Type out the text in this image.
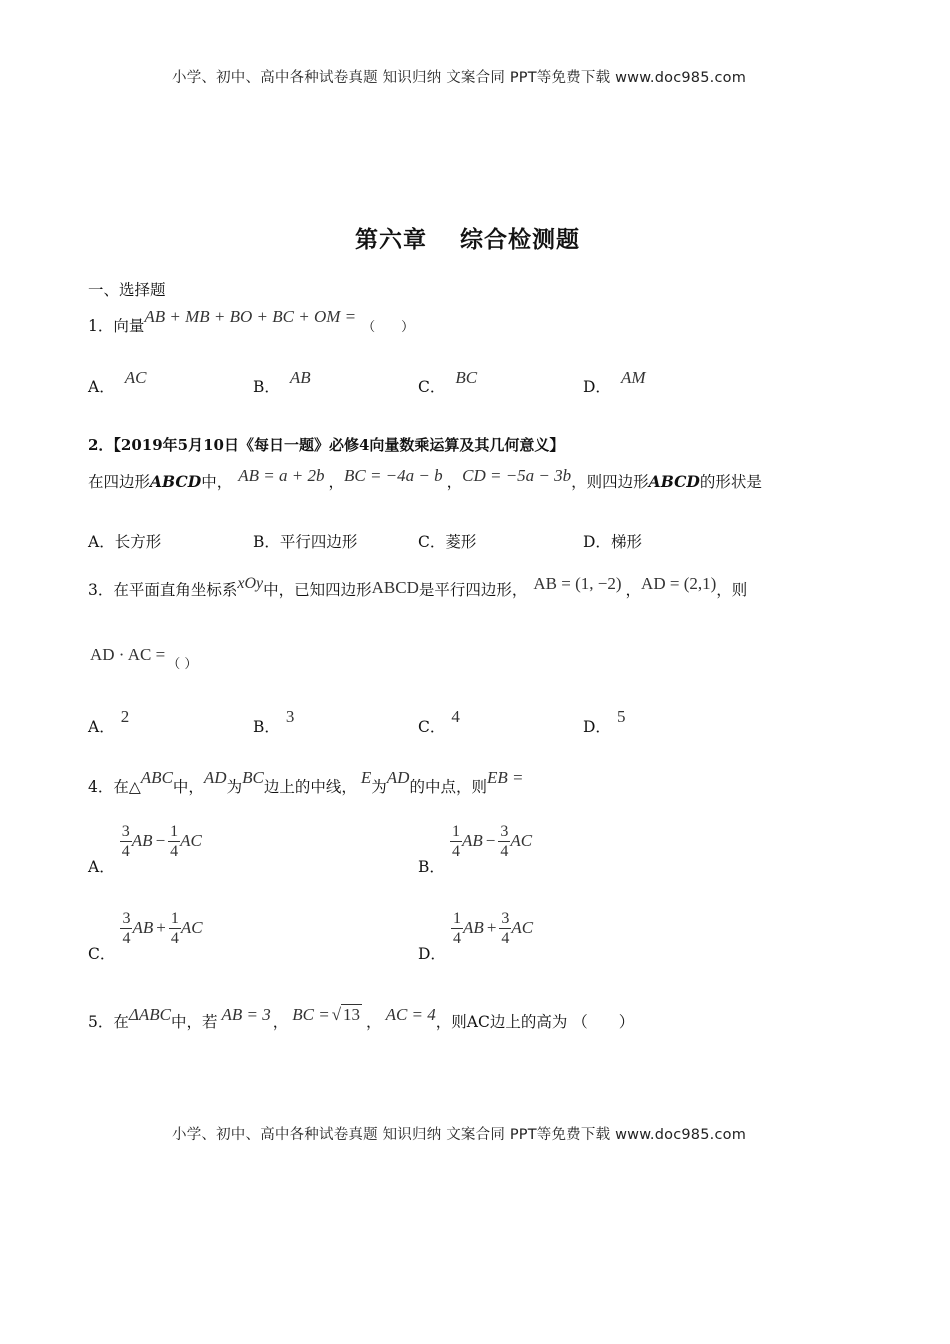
小学、初中、高中各种试卷真题 知识归纳 文案合同 PPT等免费下载 www.doc985.com
第六章　 综合检测题
一、选择题
1．向量AB + MB + BO + BC + OM =（　　）
A． AC	B． AB	C． BC	D． AM
2．【2019年5月10日《每日一题》必修4向量数乘运算及其几何意义】
在四边形ABCD中， AB = a + 2b ，BC = −4a − b ，CD = −5a − 3b，则四边形ABCD的形状是
A．长方形	B．平行四边形	C．菱形	D．梯形
3．在平面直角坐标系xOy中，已知四边形ABCD是平行四边形， AB = (1, −2) ，AD = (2,1)，则
AD · AC $=_{( )}$
A．2
B．3
C．4
D．5
4．在△ABC中，AD为BC边上的中线， E为AD的中点，则EB =
A．
$\frac{3}{4}$ AB − $\frac{1}{4}$ AC
B．
$\frac{1}{4}$ AB − $\frac{3}{4}$ AC
C．
$\frac{3}{4}$ AB + $\frac{1}{4}$ AC
D．
$\frac{1}{4}$ AB + $\frac{3}{4}$ AC
5．在ΔABC中，若 AB = 3 ， BC = √ 13 ， AC = 4，则AC边上的高为 （　　）
小学、初中、高中各种试卷真题 知识归纳 文案合同 PPT等免费下载 www.doc985.com
